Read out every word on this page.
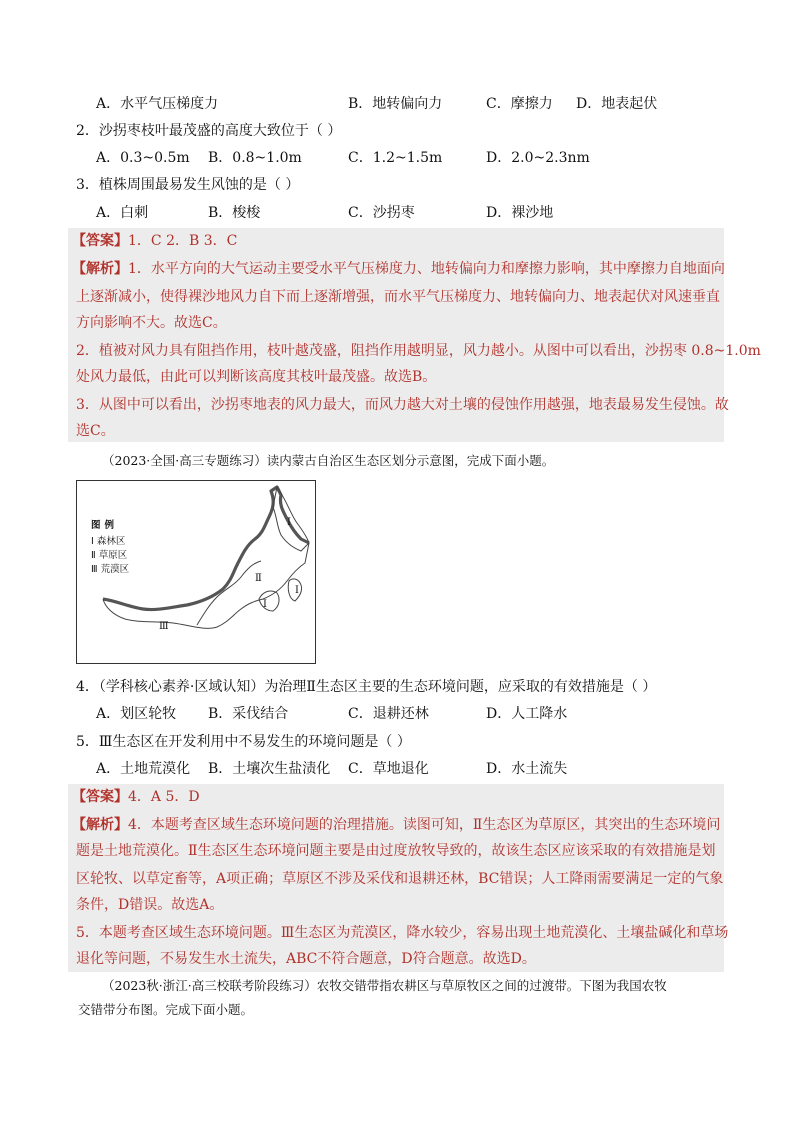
A．水平气压梯度力	B．地转偏向力	C．摩擦力 D．地表起伏
2．沙拐枣枝叶最茂盛的高度大致位于（ ）
A．0.3~0.5m B．0.8~1.0m	C．1.2~1.5m	D．2.0~2.3nm
3．植株周围最易发生风蚀的是（ ）
A．白刺	B．梭梭	C．沙拐枣	D．裸沙地
【答案】1．C 2．B 3．C
【解析】1．水平方向的大气运动主要受水平气压梯度力、地转偏向力和摩擦力影响，其中摩擦力自地面向
上逐渐减小，使得裸沙地风力自下而上逐渐增强，而水平气压梯度力、地转偏向力、地表起伏对风速垂直
方向影响不大。故选C。
2．植被对风力具有阻挡作用，枝叶越茂盛，阻挡作用越明显，风力越小。从图中可以看出，沙拐枣 0.8~1.0m
处风力最低，由此可以判断该高度其枝叶最茂盛。故选B。
3．从图中可以看出，沙拐枣地表的风力最大，而风力越大对土壤的侵蚀作用越强，地表最易发生侵蚀。故
选C。
（2023·全国·高三专题练习）读内蒙古自治区生态区划分示意图，完成下面小题。
图例
Ⅰ 森林区
Ⅱ 草原区
Ⅲ 荒漠区
Ⅰ
Ⅱ
Ⅰ
Ⅰ
Ⅲ
4．（学科核心素养·区域认知）为治理Ⅱ生态区主要的生态环境问题，应采取的有效措施是（ ）
A．划区轮牧 B．采伐结合	C．退耕还林	D．人工降水
5．Ⅲ生态区在开发利用中不易发生的环境问题是（ ）
A．土地荒漠化 B．土壤次生盐渍化 C．草地退化	D．水土流失
【答案】4．A 5．D
【解析】4．本题考查区域生态环境问题的治理措施。读图可知，Ⅱ生态区为草原区，其突出的生态环境问
题是土地荒漠化。Ⅱ生态区生态环境问题主要是由过度放牧导致的，故该生态区应该采取的有效措施是划
区轮牧、以草定畜等，A项正确；草原区不涉及采伐和退耕还林，BC错误；人工降雨需要满足一定的气象
条件，D错误。故选A。
5．本题考查区域生态环境问题。Ⅲ生态区为荒漠区，降水较少，容易出现土地荒漠化、土壤盐碱化和草场
退化等问题，不易发生水土流失，ABC不符合题意，D符合题意。故选D。
（2023秋·浙江·高三校联考阶段练习）农牧交错带指农耕区与草原牧区之间的过渡带。下图为我国农牧
交错带分布图。完成下面小题。
